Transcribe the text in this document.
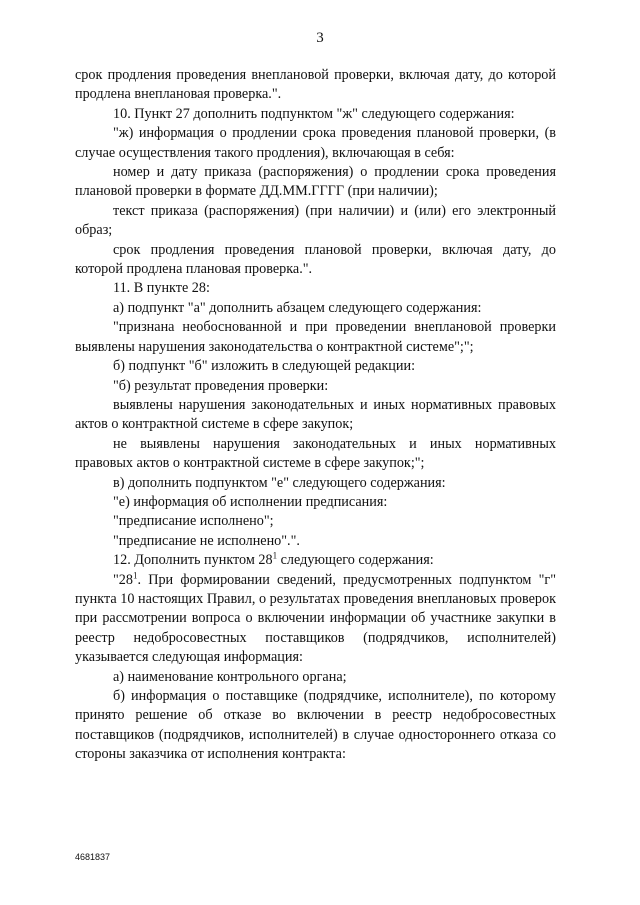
3

срок продления проведения внеплановой проверки, включая дату, до которой продлена внеплановая проверка.".

10. Пункт 27 дополнить подпунктом "ж" следующего содержания:

"ж) информация о продлении срока проведения плановой проверки, (в случае осуществления такого продления), включающая в себя:

номер и дату приказа (распоряжения) о продлении срока проведения плановой проверки в формате ДД.ММ.ГГГГ (при наличии);

текст приказа (распоряжения) (при наличии) и (или) его электронный образ;

срок продления проведения плановой проверки, включая дату, до которой продлена плановая проверка.".

11. В пункте 28:

а) подпункт "а" дополнить абзацем следующего содержания:

"признана необоснованной и при проведении внеплановой проверки выявлены нарушения законодательства о контрактной системе";";

б) подпункт "б" изложить в следующей редакции:

"б) результат проведения проверки:

выявлены нарушения законодательных и иных нормативных правовых актов о контрактной системе в сфере закупок;

не выявлены нарушения законодательных и иных нормативных правовых актов о контрактной системе в сфере закупок;";

в) дополнить подпунктом "е" следующего содержания:

"е) информация об исполнении предписания:

"предписание исполнено";

"предписание не исполнено".".

12. Дополнить пунктом $28^1$ следующего содержания:

"$28^1$. При формировании сведений, предусмотренных подпунктом "г" пункта 10 настоящих Правил, о результатах проведения внеплановых проверок при рассмотрении вопроса о включении информации об участнике закупки в реестр недобросовестных поставщиков (подрядчиков, исполнителей) указывается следующая информация:

а) наименование контрольного органа;

б) информация о поставщике (подрядчике, исполнителе), по которому принято решение об отказе во включении в реестр недобросовестных поставщиков (подрядчиков, исполнителей) в случае одностороннего отказа со стороны заказчика от исполнения контракта:

4681837
